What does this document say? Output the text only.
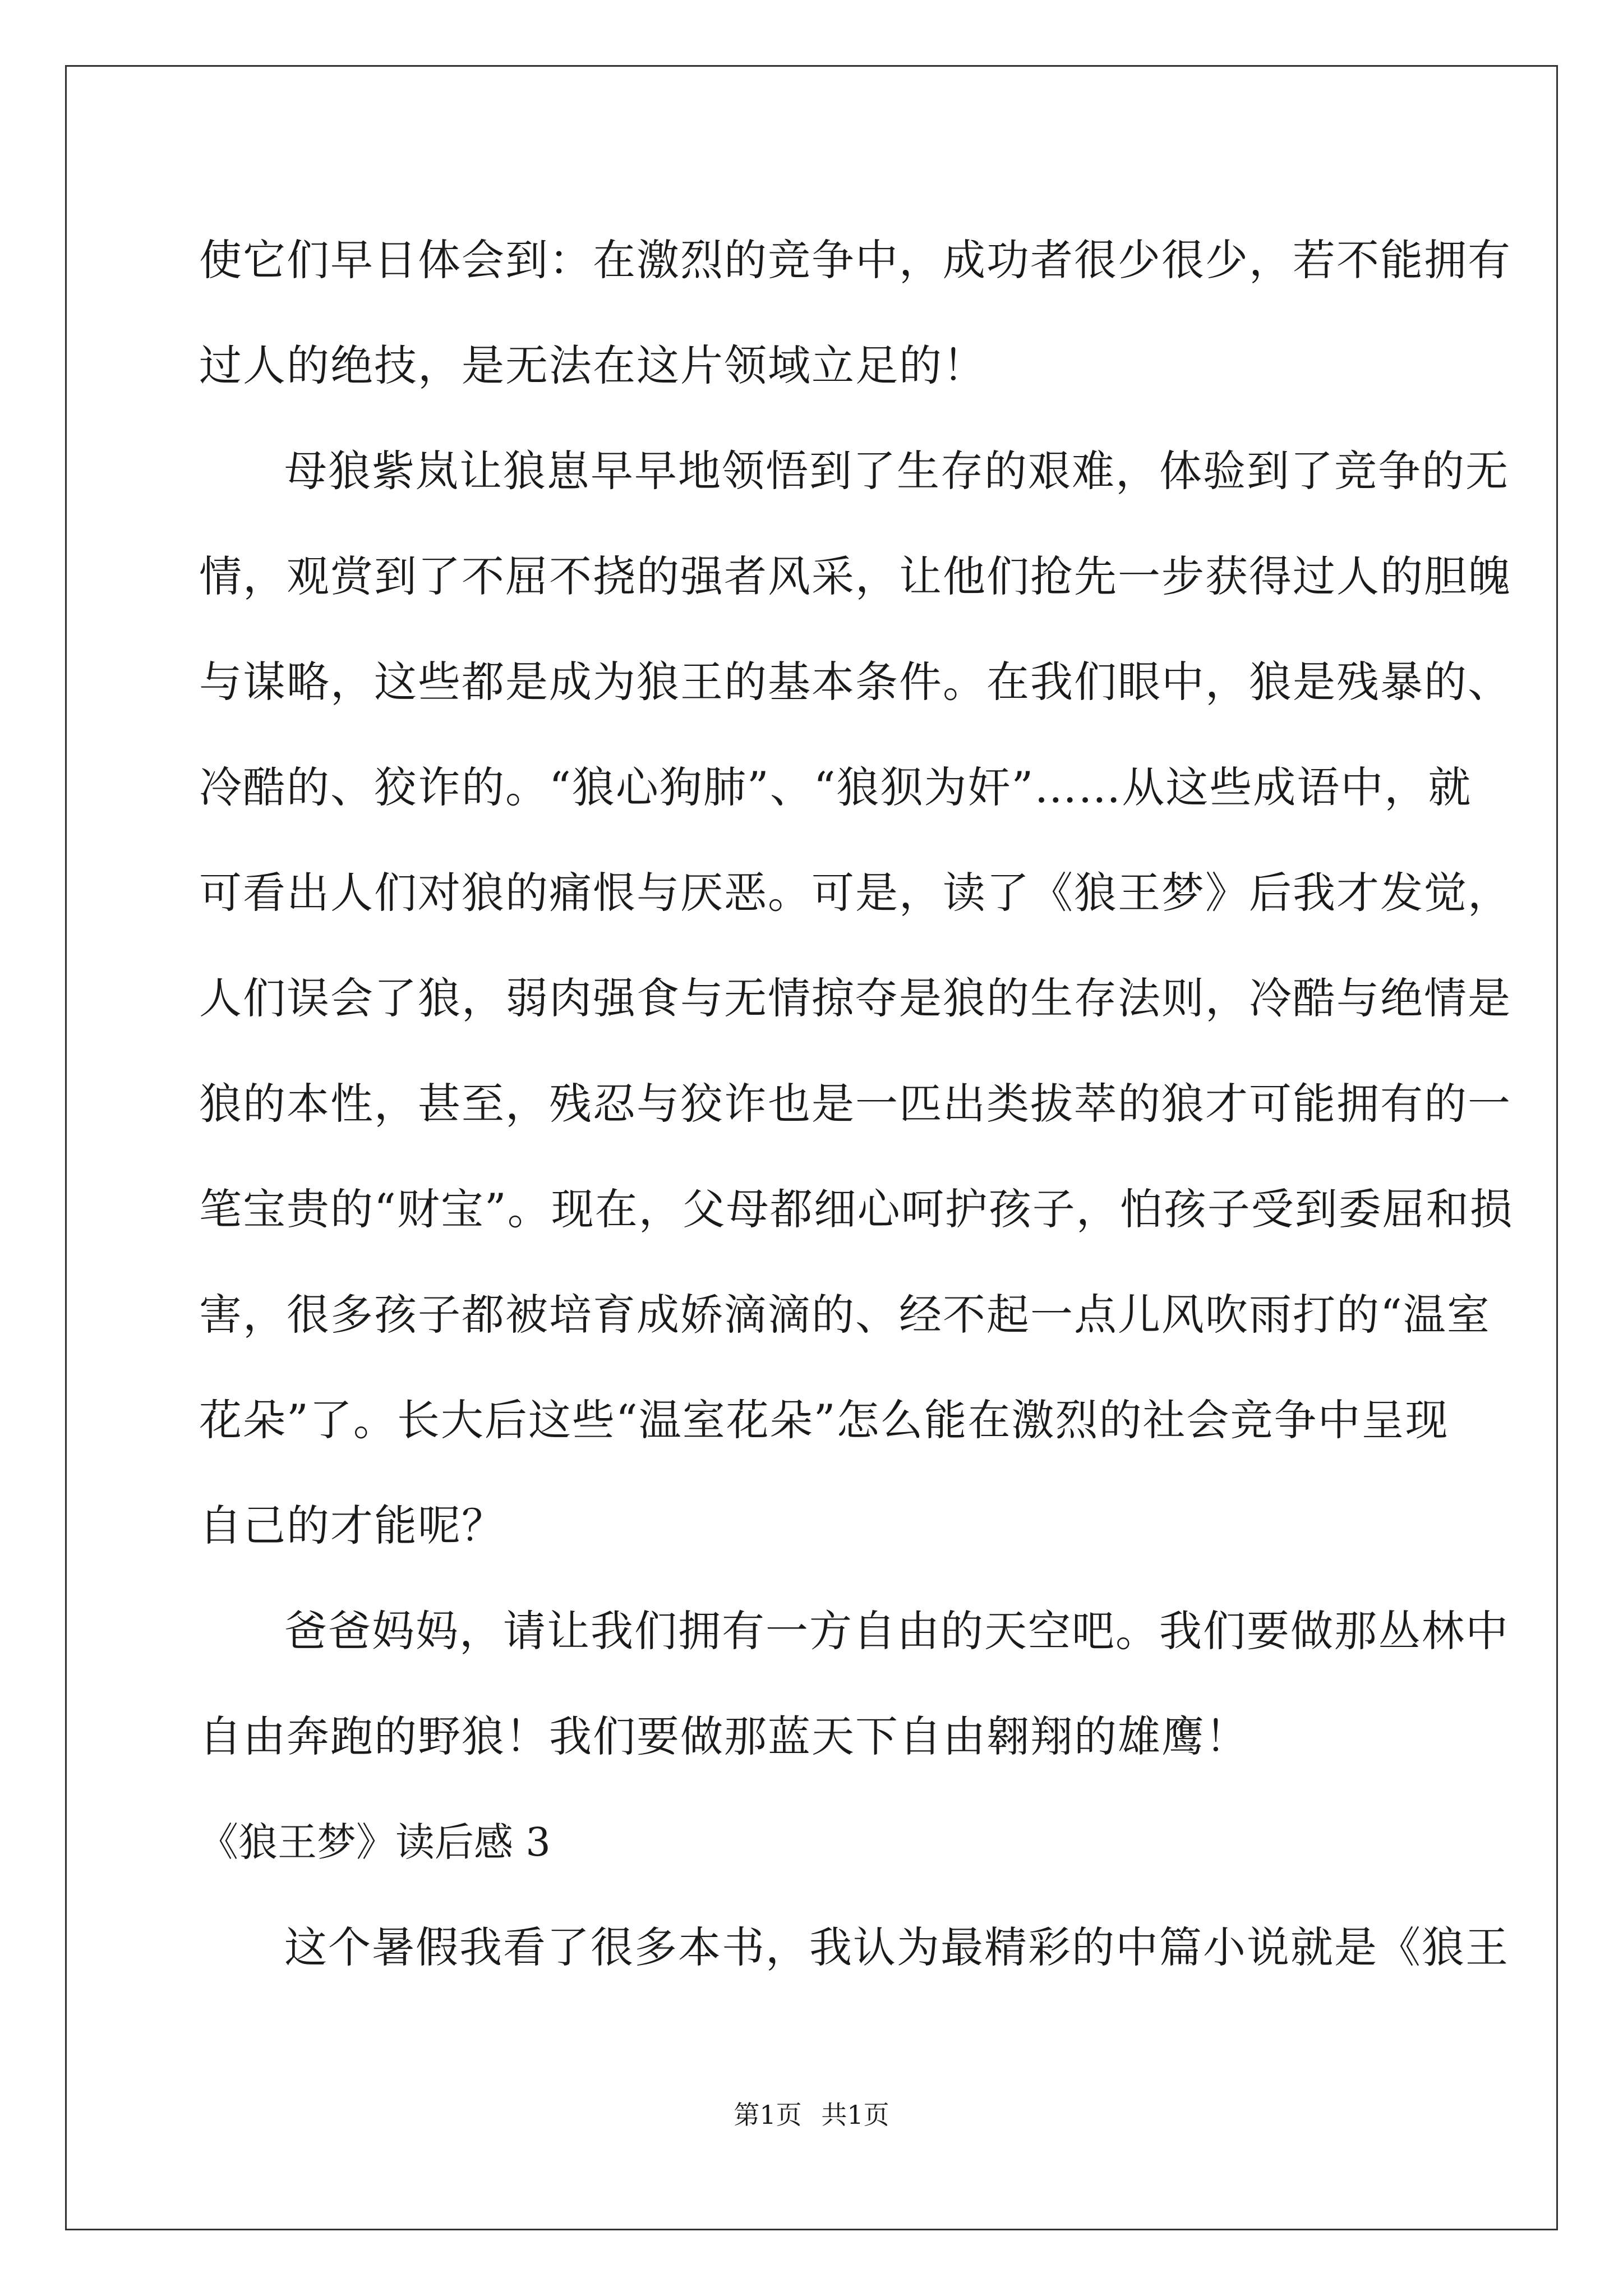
使它们早日体会到：在激烈的竞争中，成功者很少很少，若不能拥有
过人的绝技，是无法在这片领域立足的！
母狼紫岚让狼崽早早地领悟到了生存的艰难，体验到了竞争的无
情，观赏到了不屈不挠的强者风采，让他们抢先一步获得过人的胆魄
与谋略，这些都是成为狼王的基本条件。在我们眼中，狼是残暴的、
冷酷的、狡诈的。“狼心狗肺”、“狼狈为奸”……从这些成语中，就
可看出人们对狼的痛恨与厌恶。可是，读了《狼王梦》后我才发觉，
人们误会了狼，弱肉强食与无情掠夺是狼的生存法则，冷酷与绝情是
狼的本性，甚至，残忍与狡诈也是一匹出类拔萃的狼才可能拥有的一
笔宝贵的“财宝”。现在，父母都细心呵护孩子，怕孩子受到委屈和损
害，很多孩子都被培育成娇滴滴的、经不起一点儿风吹雨打的“温室
花朵”了。长大后这些“温室花朵”怎么能在激烈的社会竞争中呈现
自己的才能呢？
爸爸妈妈，请让我们拥有一方自由的天空吧。我们要做那丛林中
自由奔跑的野狼！我们要做那蓝天下自由翱翔的雄鹰！
《狼王梦》读后感 3
这个暑假我看了很多本书，我认为最精彩的中篇小说就是《狼王
第1页 共1页
